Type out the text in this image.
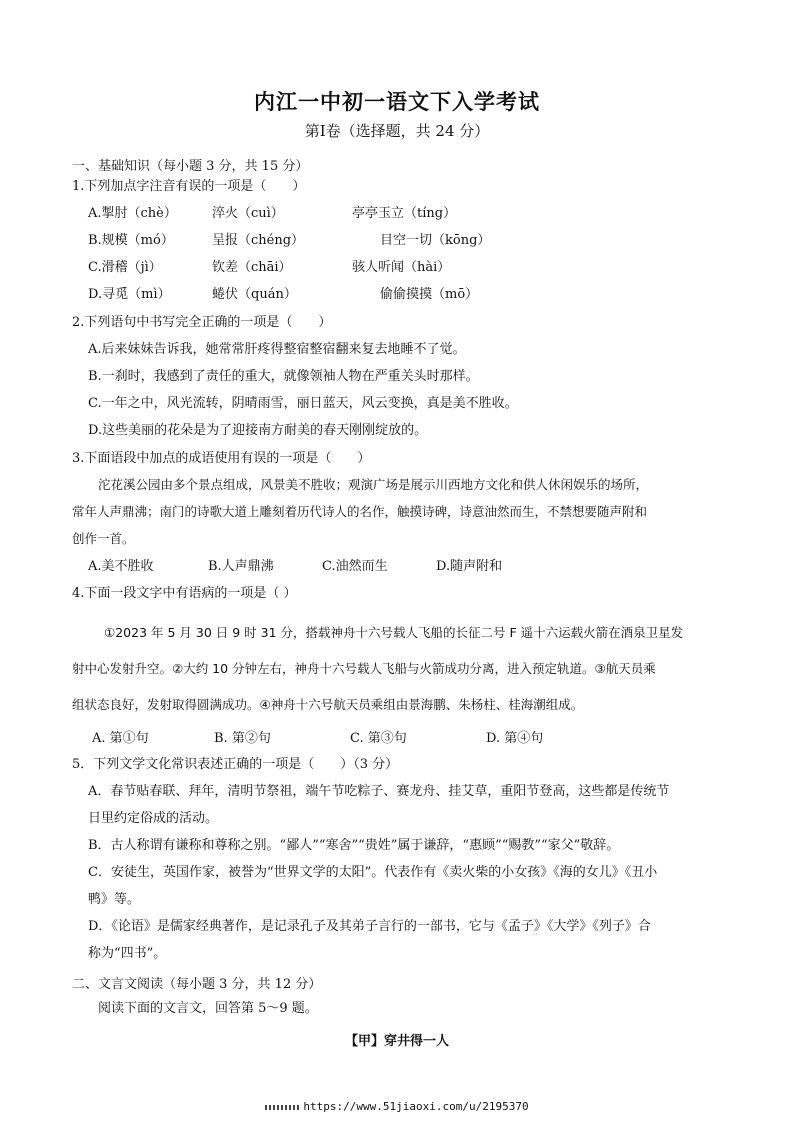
内江一中初一语文下入学考试
第Ⅰ卷（选择题，共 24 分）
一、基础知识（每小题 3 分，共 15 分）
1.下列加点字注音有误的一项是（　　）
A.掣肘（chè）	淬火（cuì）	亭亭玉立（tíng）
B.规模（mó）	呈报（chéng）	目空一切（kōng）
C.滑稽（jì）	钦差（chāi）	骇人听闻（hài）
D.寻觅（mì）	蜷伏（quán）	偷偷摸摸（mō）
2.下列语句中书写完全正确的一项是（　　）
A.后来妹妹告诉我，她常常肝疼得整宿整宿翻来复去地睡不了觉。
B.一刹时，我感到了责任的重大，就像领袖人物在严重关头时那样。
C.一年之中，风光流转，阴晴雨雪，丽日蓝天，风云变换，真是美不胜收。
D.这些美丽的花朵是为了迎接南方耐美的春天刚刚绽放的。
3.下面语段中加点的成语使用有误的一项是（　　）
沱花溪公园由多个景点组成，风景美不胜收；观演广场是展示川西地方文化和供人休闲娱乐的场所，
常年人声鼎沸；南门的诗歌大道上雕刻着历代诗人的名作，触摸诗碑，诗意油然而生，不禁想要随声附和
创作一首。
A.美不胜收	B.人声鼎沸	C.油然而生	D.随声附和
4.下面一段文字中有语病的一项是（ ）
①2023 年 5 月 30 日 9 时 31 分，搭载神舟十六号载人飞船的长征二号 F 遥十六运载火箭在酒泉卫星发
射中心发射升空。②大约 10 分钟左右，神舟十六号载人飞船与火箭成功分离，进入预定轨道。③航天员乘
组状态良好，发射取得圆满成功。④神舟十六号航天员乘组由景海鹏、朱杨柱、桂海潮组成。
A. 第①句	B. 第②句	C. 第③句	D. 第④句
5．下列文学文化常识表述正确的一项是（　　）（3 分）
A．春节贴春联、拜年，清明节祭祖，端午节吃粽子、赛龙舟、挂艾草，重阳节登高，这些都是传统节
日里约定俗成的活动。
B．古人称谓有谦称和尊称之别。“鄙人”“寒舍”“贵姓”属于谦辞，“惠顾”“赐教”“家父”敬辞。
C．安徒生，英国作家，被誉为“世界文学的太阳”。代表作有《卖火柴的小女孩》《海的女儿》《丑小
鸭》等。
D．《论语》是儒家经典著作，是记录孔子及其弟子言行的一部书，它与《孟子》《大学》《列子》合
称为“四书”。
二、文言文阅读（每小题 3 分，共 12 分）
阅读下面的文言文，回答第 5～9 题。
【甲】穿井得一人
https://www.51jiaoxi.com/u/2195370
